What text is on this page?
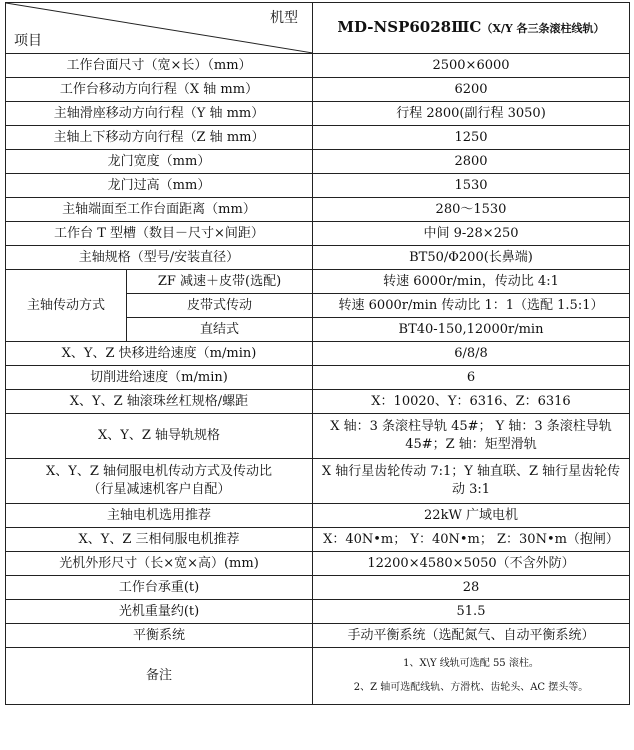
机型
项目		MD-NSP6028ⅢC（X/Y 各三条滚柱线轨）
工作台面尺寸（宽×长）（mm）		2500×6000
工作台移动方向行程（X 轴 mm）		6200
主轴滑座移动方向行程（Y 轴 mm）		行程 2800(副行程 3050)
主轴上下移动方向行程（Z 轴 mm）		1250
龙门宽度（mm）		2800
龙门过高（mm）		1530
主轴端面至工作台面距离（mm）		280～1530
工作台 T 型槽（数目－尺寸×间距）		中间 9-28×250
主轴规格（型号/安装直径）		BT50/Φ200(长鼻端)
主轴传动方式	ZF 减速＋皮带(选配)	转速 6000r/min，传动比 4:1
	皮带式传动	转速 6000r/min 传动比 1：1（选配 1.5:1）
	直结式	BT40-150,12000r/min
X、Y、Z 快移进给速度（m/min)		6/8/8
切削进给速度（m/min)		6
X、Y、Z 轴滚珠丝杠规格/螺距		X：10020、Y：6316、Z：6316
X、Y、Z 轴导轨规格		X 轴：3 条滚柱导轨 45#； Y 轴：3 条滚柱导轨 45#；Z 轴：矩型滑轨

X、Y、Z 轴伺服电机传动方式及传动比
（行星减速机客户自配）		X 轴行星齿轮传动 7:1；Y 轴直联、Z 轴行星齿轮传动 3:1
主轴电机选用推荐		22kW 广域电机
X、Y、Z 三相伺服电机推荐		X：40N•m； Y：40N•m； Z：30N•m（抱闸）
光机外形尺寸（长×宽×高）(mm)		12200×4580×5050（不含外防）
工作台承重(t)		28
光机重量约(t)		51.5
平衡系统		手动平衡系统（选配氮气、自动平衡系统）
备注		1、X\Y 线轨可选配 55 滚柱。
2、Z 轴可选配线轨、方滑枕、齿轮头、AC 摆头等。
